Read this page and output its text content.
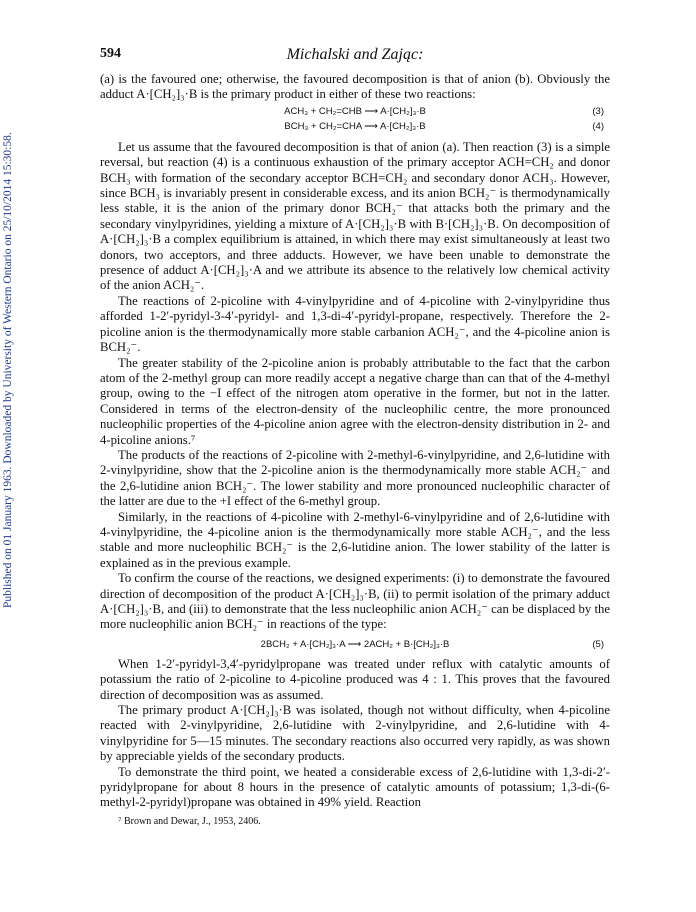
Published on 01 January 1963. Downloaded by University of Western Ontario on 25/10/2014 15:30:58.
594	Michalski and Zając:

(a) is the favoured one; otherwise, the favoured decomposition is that of anion (b). Obviously the adduct A·[CH₂]₃·B is the primary product in either of these two reactions:

ACH₃ + CH₂=CHB ⟶ A·[CH₂]₃·B	(3)
BCH₃ + CH₂=CHA ⟶ A·[CH₂]₃·B	(4)

Let us assume that the favoured decomposition is that of anion (a). Then reaction (3) is a simple reversal, but reaction (4) is a continuous exhaustion of the primary acceptor ACH=CH₂ and donor BCH₃ with formation of the secondary acceptor BCH=CH₂ and secondary donor ACH₃. However, since BCH₃ is invariably present in considerable excess, and its anion BCH₂⁻ is thermodynamically less stable, it is the anion of the primary donor BCH₂⁻ that attacks both the primary and the secondary vinylpyridines, yielding a mixture of A·[CH₂]₃·B with B·[CH₂]₃·B. On decomposition of A·[CH₂]₃·B a complex equilibrium is attained, in which there may exist simultaneously at least two donors, two acceptors, and three adducts. However, we have been unable to demonstrate the presence of adduct A·[CH₂]₃·A and we attribute its absence to the relatively low chemical activity of the anion ACH₂⁻.

The reactions of 2-picoline with 4-vinylpyridine and of 4-picoline with 2-vinylpyridine thus afforded 1-2′-pyridyl-3-4′-pyridyl- and 1,3-di-4′-pyridyl-propane, respectively. Therefore the 2-picoline anion is the thermodynamically more stable carbanion ACH₂⁻, and the 4-picoline anion is BCH₂⁻.

The greater stability of the 2-picoline anion is probably attributable to the fact that the carbon atom of the 2-methyl group can more readily accept a negative charge than can that of the 4-methyl group, owing to the −I effect of the nitrogen atom operative in the former, but not in the latter. Considered in terms of the electron-density of the nucleophilic centre, the more pronounced nucleophilic properties of the 4-picoline anion agree with the electron-density distribution in 2- and 4-picoline anions.⁷

The products of the reactions of 2-picoline with 2-methyl-6-vinylpyridine, and 2,6-lutidine with 2-vinylpyridine, show that the 2-picoline anion is the thermodynamically more stable ACH₂⁻ and the 2,6-lutidine anion BCH₂⁻. The lower stability and more pronounced nucleophilic character of the latter are due to the +I effect of the 6-methyl group.

Similarly, in the reactions of 4-picoline with 2-methyl-6-vinylpyridine and of 2,6-lutidine with 4-vinylpyridine, the 4-picoline anion is the thermodynamically more stable ACH₂⁻, and the less stable and more nucleophilic BCH₂⁻ is the 2,6-lutidine anion. The lower stability of the latter is explained as in the previous example.

To confirm the course of the reactions, we designed experiments: (i) to demonstrate the favoured direction of decomposition of the product A·[CH₂]₃·B, (ii) to permit isolation of the primary adduct A·[CH₂]₃·B, and (iii) to demonstrate that the less nucleophilic anion ACH₂⁻ can be displaced by the more nucleophilic anion BCH₂⁻ in reactions of the type:

2BCH₂ + A·[CH₂]₃·A ⟶ 2ACH₂ + B·[CH₂]₃·B	(5)

When 1-2′-pyridyl-3,4′-pyridylpropane was treated under reflux with catalytic amounts of potassium the ratio of 2-picoline to 4-picoline produced was 4 : 1. This proves that the favoured direction of decomposition was as assumed.

The primary product A·[CH₂]₃·B was isolated, though not without difficulty, when 4-picoline reacted with 2-vinylpyridine, 2,6-lutidine with 2-vinylpyridine, and 2,6-lutidine with 4-vinylpyridine for 5—15 minutes. The secondary reactions also occurred very rapidly, as was shown by appreciable yields of the secondary products.

To demonstrate the third point, we heated a considerable excess of 2,6-lutidine with 1,3-di-2′-pyridylpropane for about 8 hours in the presence of catalytic amounts of potassium; 1,3-di-(6-methyl-2-pyridyl)propane was obtained in 49% yield. Reaction

⁷ Brown and Dewar, J., 1953, 2406.
